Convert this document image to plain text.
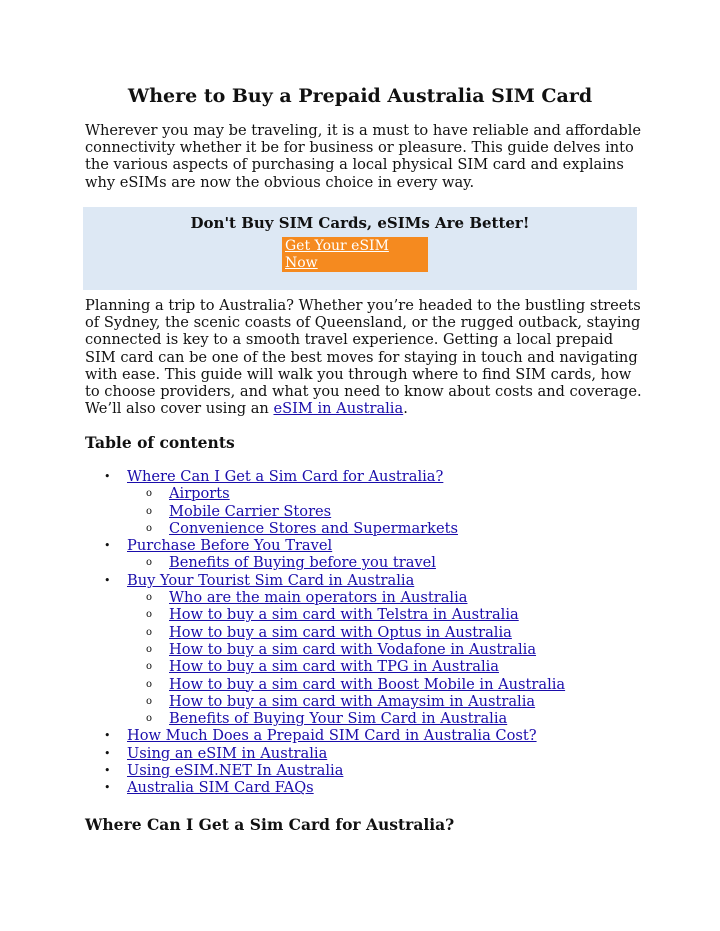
Where to Buy a Prepaid Australia SIM Card

Wherever you may be traveling, it is a must to have reliable and affordable connectivity whether it be for business or pleasure. This guide delves into the various aspects of purchasing a local physical SIM card and explains why eSIMs are now the obvious choice in every way.

Don't Buy SIM Cards, eSIMs Are Better!
Get Your eSIM Now

Planning a trip to Australia? Whether you’re headed to the bustling streets of Sydney, the scenic coasts of Queensland, or the rugged outback, staying connected is key to a smooth travel experience. Getting a local prepaid SIM card can be one of the best moves for staying in touch and navigating with ease. This guide will walk you through where to find SIM cards, how to choose providers, and what you need to know about costs and coverage. We’ll also cover using an eSIM in Australia.

Table of contents
• Where Can I Get a Sim Card for Australia?
o Airports
o Mobile Carrier Stores
o Convenience Stores and Supermarkets
• Purchase Before You Travel
o Benefits of Buying before you travel
• Buy Your Tourist Sim Card in Australia
o Who are the main operators in Australia
o How to buy a sim card with Telstra in Australia
o How to buy a sim card with Optus in Australia
o How to buy a sim card with Vodafone in Australia
o How to buy a sim card with TPG in Australia
o How to buy a sim card with Boost Mobile in Australia
o How to buy a sim card with Amaysim in Australia
o Benefits of Buying Your Sim Card in Australia
• How Much Does a Prepaid SIM Card in Australia Cost?
• Using an eSIM in Australia
• Using eSIM.NET In Australia
• Australia SIM Card FAQs
Where Can I Get a Sim Card for Australia?
